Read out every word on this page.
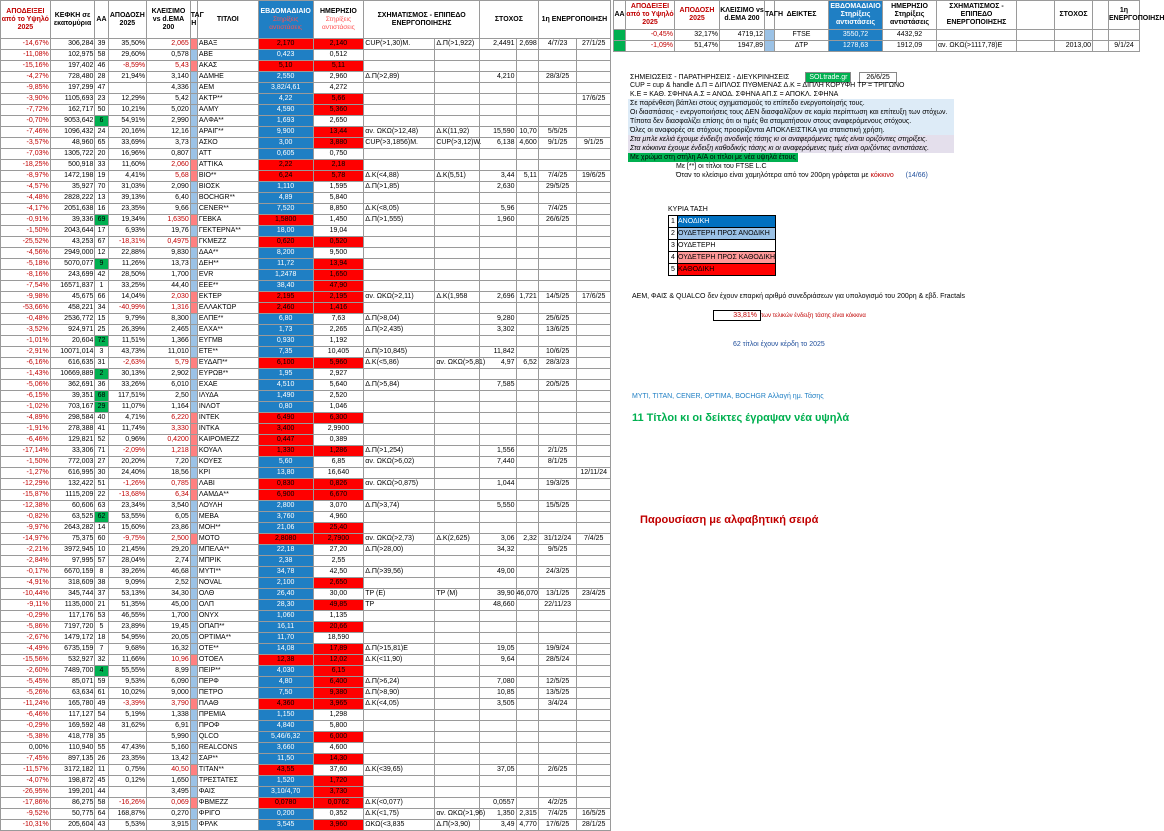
ΑΠΟΔΕΙΞΕΙ από το Υψηλό 2025	ΚΕΦΚΗ σε εκατομύρια	AA	ΑΠΟΔΟΣΗ 2025	ΚΛΕΙΣΙΜΟ vs d.EMA 200	ΤΑΓ Η	ΤΙΤΛΟΙ	ΕΒΔΟΜΑΔΙΑΙΟ
Στηρίξεις αντιστάσεις	ΗΜΕΡΗΣΙΟ
Στηρίξεις αντιστάσεις	ΣΧΗΜΑΤΙΣΜΟΣ - ΕΠΙΠΕΔΟ ΕΝΕΡΓΟΠΟΙΗΣΗΣ		ΣΤΟΧΟΣ		1η ΕΝΕΡΓΟΠΟΙΗΣΗ	
-14,67%	306,284	39	35,50%	2,065		ΑΒΑΞ	2,170	2,140	CUP(>1,30)M.	Δ.Π(>1,922)	2,4491	2,698	4/7/23	27/1/25
-11,08%	102,975	58	29,60%	0,578		ΑΒΕ	0,423	0,512						
-15,16%	197,402	46	-8,59%	5,43		ΑΚΑΣ	5,10	5,11						
-4,27%	728,480	28	21,94%	3,140		ΑΔΜΗΕ	2,550	2,960	Δ.Π(>2,89)		4,210		28/3/25	
-9,85%	197,299	47		4,336		AEM	3,82/4,61	4,272						
-3,90%	1105,693	23	12,29%	5,42		ΑΚΤΡ**	4,22	5,66						17/6/25
-7,72%	162,717	50	10,21%	5,020		ΑΛΜΥ	4,590	5,360						
-0,70%	9053,642	6	54,91%	2,990		ΑΛΦΑ**	1,693	2,650						
-7,46%	1096,432	24	20,16%	12,16		ΑΡΑΙΓ**	9,900	13,44	αν. ΩΚΩ(>12,48)	Δ.Κ(11,92)	15,590	10,70	5/5/25	
-3,57%	48,960	65	33,69%	3,73		ΑΣΚΟ	3,00	3,880	CUP(>3,1856)M.	CUP(>3,12)W.	6,138	4,600	9/1/25	9/1/25
-7,03%	1305,722	20	16,96%	0,807		ΑΤΤ	0,605	0,750						
-18,25%	500,918	33	11,60%	2,060		ΑΤΤΙΚΑ	2,22	2,18						
-8,97%	1472,198	19	4,41%	5,68		ΒΙΟ**	6,24	5,78	Δ.Κ(<4,88)	Δ.Κ(5,51)	3,44	5,11	7/4/25	19/6/25
-4,57%	35,927	70	31,03%	2,090		ΒΙΟΣΚ	1,110	1,595	Δ.Π(>1,85)		2,630		29/5/25	
-4,48%	2828,222	13	39,13%	6,40		BOCHGR**	4,89	5,840						
-4,17%	2051,638	16	23,35%	9,66		CENER**	7,520	8,850	Δ.Κ(<8,05)		5,96		7/4/25	
-0,91%	39,336	69	19,34%	1,6350		ΓΕΒΚΑ	1,5800	1,450	Δ.Π(>1,555)		1,960		26/6/25	
-1,50%	2043,644	17	6,93%	19,76		ΓΕΚΤΕΡΝΑ**	18,00	19,04						
-25,52%	43,253	67	-18,31%	0,4975		ΓΚΜΕΖΖ	0,620	0,520						
-4,56%	2949,000	12	22,88%	9,830		ΔΑΑ**	8,200	9,500						
-5,18%	5070,077	9	11,26%	13,73		ΔΕΗ**	11,72	13,94						
-8,16%	243,699	42	28,50%	1,700		EVR	1,2478	1,650						
-7,54%	16571,837	1	33,25%	44,40		ΕΕΕ**	38,40	47,90						
-9,98%	45,675	66	14,04%	2,030		ΕΚΤΕΡ	2,195	2,195	αν. ΩΚΩ(>2,11)	Δ.Κ(1,958	2,696	1,721	14/5/25	17/6/25
-53,66%	458,221	34	-40,99%	1,316		ΕΛΛΑΚΤΩΡ	2,460	1,416						
-0,48%	2536,772	15	9,79%	8,300		ΕΛΠΕ**	6,80	7,63	Δ.Π(>8,04)		9,280		25/6/25	
-3,52%	924,971	25	26,39%	2,465		ΕΛΧΑ**	1,73	2,265	Δ.Π(>2,435)		3,302		13/6/25	
-1,01%	20,604	72	11,51%	1,366		ΕΥΓΜΒ	0,930	1,192						
-2,91%	10071,014	3	43,73%	11,010		ΕΤΕ**	7,35	10,405	Δ.Π(>10,845)		11,842		10/6/25	
-6,16%	616,635	31	-2,63%	5,79		ΕΥΔΑΠ**	6,100	5,960	Δ.Κ(<5,86)	αν. ΩΚΩ(>5,81)	4,97	6,52	28/3/23	
-1,43%	10669,889	2	30,13%	2,902		EYPΩB**	1,95	2,927						
-5,06%	362,691	36	33,26%	6,010		ΕΧΑΕ	4,510	5,640	Δ.Π(>5,84)		7,585		20/5/25	
-6,15%	39,351	68	117,51%	2,50		ΙΛΥΔΑ	1,490	2,520						
-1,02%	703,167	29	11,07%	1,164		ΙΝΛΟΤ	0,80	1,046						
-4,89%	298,584	40	4,71%	6,220		ΙΝΤΕΚ	6,490	6,300						
-1,91%	278,388	41	11,74%	3,330		ΙΝΤΚΑ	3,400	2,9900						
-6,46%	129,821	52	0,96%	0,4200		ΚΑΙΡΟΜΕΖΖ	0,447	0,389						
-17,14%	33,306	71	-2,09%	1,218		ΚΟΥΑΛ	1,330	1,286	Δ.Π(>1,254)		1,556		2/1/25	
-1,50%	772,003	27	20,20%	7,20		ΚΟΥΕΣ	5,60	6,85	αν. ΩΚΩ(>6,02)		7,440		8/1/25	
-1,27%	616,995	30	24,40%	18,56		ΚΡΙ	13,80	16,640						12/11/24
-12,29%	132,422	51	-1,26%	0,785		ΛΑΒΙ	0,830	0,826	αν. ΩΚΩ(>0,875)		1,044		19/3/25	
-15,87%	1115,209	22	-13,68%	6,34		ΛΑΜΔΑ**	6,900	6,670						
-12,38%	60,606	63	23,34%	3,540		ΛΟΥΛΗ	2,800	3,070	Δ.Π(>3,74)		5,550		15/5/25	
-0,82%	63,525	62	53,55%	6,05		ΜΕΒΑ	3,760	4,960						
-9,97%	2643,282	14	15,60%	23,86		ΜΟΗ**	21,06	25,40						
-14,97%	75,375	60	-9,75%	2,500		ΜΟΤΟ	2,8080	2,7900	αν. ΩΚΩ(>2,73)	Δ.Κ(2,625)	3,06	2,32	31/12/24	7/4/25
-2,21%	3972,945	10	21,45%	29,20		ΜΠΕΛΑ**	22,18	27,20	Δ.Π(>28,00)		34,32		9/5/25	
-2,84%	97,995	57	28,04%	2,74		ΜΠΡΙΚ	2,38	2,55						
-0,17%	6670,159	8	39,26%	46,68		ΜΥΤΙ**	34,78	42,50	Δ.Π(>39,56)		49,00		24/3/25	
-4,91%	318,609	38	9,09%	2,52		NOVAL	2,100	2,650						
-10,44%	345,744	37	53,13%	34,30		ΟΛΘ	26,40	30,00	TP (E)	TP (M)	39,90	46,070	13/1/25	23/4/25
-9,11%	1135,000	21	51,35%	45,00		ΟΛΠ	28,30	49,85	TP		48,660		22/11/23	
-0,29%	117,176	53	46,55%	1,700		ONYX	1,060	1,135						
-5,86%	7197,720	5	23,89%	19,45		ΟΠΑΠ**	16,11	20,66						
-2,67%	1479,172	18	54,95%	20,05		OPTIMA**	11,70	18,590						
-4,49%	6735,159	7	9,68%	16,32		ΟΤΕ**	14,08	17,89	Δ.Π(>15,81)E		19,05		19/9/24	
-15,56%	532,927	32	11,66%	10,96		ΟΤΟΕΛ	12,38	12,02	Δ.Κ(<11,90)		9,64		28/5/24	
-2,60%	7489,700	4	55,55%	8,99		ΠΕΙΡ**	4,030	6,15						
-5,45%	85,071	59	9,53%	6,090		ΠΕΡΦ	4,80	6,400	Δ.Π(>6,24)		7,080		12/5/25	
-5,26%	63,634	61	10,02%	9,000		ΠΕΤΡΟ	7,50	9,380	Δ.Π(>8,90)		10,85		13/5/25	
-11,24%	165,780	49	-3,39%	3,790		ΠΛΑΘ	4,360	3,965	Δ.Κ(<4,05)		3,505		3/4/24	
-6,46%	117,127	54	5,19%	1,338		ΠΡΕΜΙΑ	1,150	1,298						
-0,29%	169,592	48	31,62%	6,91		ΠΡΟΦ	4,840	5,800						
-5,38%	418,778	35		5,990		QLCO	5,46/6,32	6,000						
0,00%	110,940	55	47,43%	5,160		REALCONS	3,660	4,600						
-7,45%	897,135	26	23,35%	13,42		ΣΑΡ**	11,50	14,30						
-11,57%	3172,182	11	0,75%	40,50		ΤΙΤΑΝ**	43,55	37,60	Δ.Κ(<39,65)		37,05		2/6/25	
-4,07%	198,872	45	0,12%	1,650		ΤΡΕΣΤΑΤΕΣ	1,520	1,720						
-26,95%	199,201	44		3,495		ΦΑΙΣ	3,10/4,70	3,730						
-17,86%	86,275	58	-16,26%	0,069		ΦΒΜΕΖΖ	0,0780	0,0762	Δ.Κ(<0,077)		0,0557		4/2/25	
-9,52%	50,775	64	168,87%	0,270		ΦΡΙΓΟ	0,200	0,352	Δ.Κ(<1,75)	αν. ΩΚΩ(>1,96)	1,350	2,315	7/4/25	16/5/25
-10,31%	205,604	43	5,53%	3,915		ΦΡΛΚ	3,545	3,960	ΩΚΩ(<3,835	Δ.Π(>3,90)	3,49	4,770	17/6/25	28/1/25
ΑΑ	ΑΠΟΔΕΙΞΕΙ από το Υψηλό 2025	ΑΠΟΔΟΣΗ 2025	ΚΛΕΙΣΙΜΟ vs d.EMA 200	ΤΑΓΗ	ΔΕΙΚΤΕΣ	ΕΒΔΟΜΑΔΙΑΙΟ Στηρίξεις αντιστάσεις	ΗΜΕΡΗΣΙΟ Στηρίξεις αντιστάσεις	ΣΧΗΜΑΤΙΣΜΟΣ - ΕΠΙΠΕΔΟ ΕΝΕΡΓΟΠΟΙΗΣΗΣ		ΣΤΟΧΟΣ		1η ΕΝΕΡΓΟΠΟΙΗΣΗ
	-0,45%	32,17%	4719,12		FTSE	3550,72	4432,92					
	-1,09%	51,47%	1947,89		ΔΤΡ	1278,63	1912,09	αν. ΩΚΩ(>1117,78)E		2013,00		9/1/24
ΣΗΜΕΙΩΣΕΙΣ - ΠΑΡΑΤΗΡΗΣΕΙΣ - ΔΙΕΥΚΡΙΝΗΣΕΙΣ	SOLtrade.gr	26/6/25
CUP = cup & handle Δ.Π = ΔΙΠΛΟΣ ΠΥΘΜΕΝΑΣ Δ.Κ = ΔΙΠΛΗ ΚΟΡΥΦΗ TP = ΤΡΙΓΩΝΟ
Κ.Ε = ΚΑΘ. ΣΦΗΝΑ Α.Σ = ΑΝΟΔ. ΣΦΗΝΑ ΑΠ.Σ = ΑΠΟΚΛ. ΣΦΗΝΑ
Σε παρένθεση βάπλει στους σχηματισμούς το επίπεδο ενεργοποίησής τους.
Οι διασπάσεις - ενεργοποιήσεις τους ΔΕΝ διασφαλίζουν σε καμία περίπτωση και επίτευξη των στόχων.
Τίποτα δεν διασφαλίζει επίσης ότι οι τιμές θα σταματήσουν στους αναφερόμενους στόχους.
Όλες οι αναφορές σε στόχους προορίζονται ΑΠΟΚΛΕΙΣΤΙΚΑ για στατιστική χρήση.
Στα μπλε κελιά έχουμε ένδειξη ανοδικής τάσης κι οι αναφερόμενες τιμές είναι οριζόντιες στηρίξεις.
Στα κόκκινα έχουμε ένδειξη καθοδικής τάσης κι οι αναφερόμενες τιμές είναι οριζόντιες αντιστάσεις.
Με χρώμα στη στήλη Α/Α οι τίτλοι με νέα υψηλά έτους
Με [**] οι τίτλοι του FTSE L.C
Όταν το κλείσιμο είναι χαμηλότερα από τον 200ρη γράφεται με κόκκινο (14/66)
ΚΥΡΙΑ ΤΑΣΗ
1	ΑΝΟΔΙΚΗ
2	ΟΥΔΕΤΕΡΗ ΠΡΟΣ ΑΝΟΔΙΚΗ
3	ΟΥΔΕΤΕΡΗ
4	ΟΥΔΕΤΕΡΗ ΠΡΟΣ ΚΑΘΟΔΙΚΗ
5	ΚΑΘΟΔΙΚΗ
ΑΕΜ, ΦΑΙΣ & QUALCO δεν έχουν επαρκή αριθμό συνεδριάσεων για υπολογισμό του 200ρη & εβδ. Fractals
33,81% των τελικών ένδειξη τάσης είναι κόκκινα
62 τίτλοι έχουν κέρδη το 2025
ΜΥΤΙ, ΤΙΤΑΝ, CENER, OPTIMA, BOCHGR Αλλαγή ημ. Τάσης
11 Τίτλοι κι οι δείκτες έγραψαν νέα υψηλά
Παρουσίαση με αλφαβητική σειρά
